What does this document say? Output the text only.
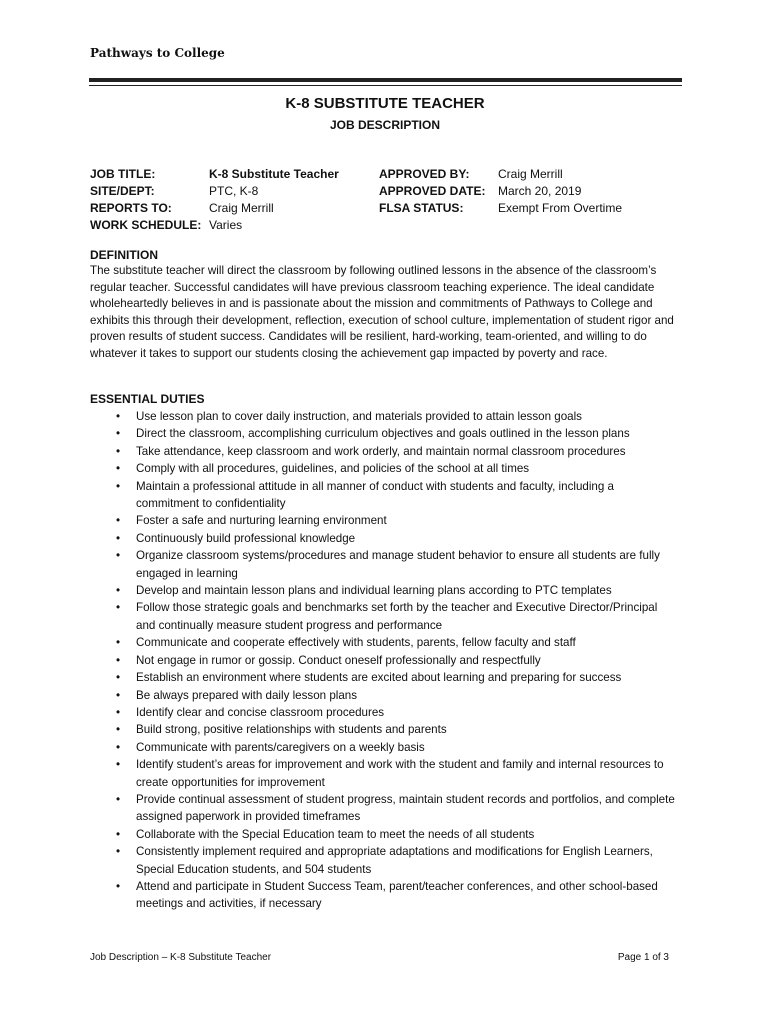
Pathways to College
K-8 SUBSTITUTE TEACHER
JOB DESCRIPTION
JOB TITLE:
SITE/DEPT:
REPORTS TO:
WORK SCHEDULE:
K-8 Substitute Teacher
PTC, K-8
Craig Merrill
Varies
APPROVED BY:
APPROVED DATE:
FLSA STATUS:
Craig Merrill
March 20, 2019
Exempt From Overtime
DEFINITION

The substitute teacher will direct the classroom by following outlined lessons in the absence of the classroom’s regular teacher. Successful candidates will have previous classroom teaching experience. The ideal candidate wholeheartedly believes in and is passionate about the mission and commitments of Pathways to College and exhibits this through their development, reflection, execution of school culture, implementation of student rigor and proven results of student success. Candidates will be resilient, hard-working, team-oriented, and willing to do whatever it takes to support our students closing the achievement gap impacted by poverty and race.

ESSENTIAL DUTIES
• Use lesson plan to cover daily instruction, and materials provided to attain lesson goals
• Direct the classroom, accomplishing curriculum objectives and goals outlined in the lesson plans
• Take attendance, keep classroom and work orderly, and maintain normal classroom procedures
• Comply with all procedures, guidelines, and policies of the school at all times
• Maintain a professional attitude in all manner of conduct with students and faculty, including a commitment to confidentiality
• Foster a safe and nurturing learning environment
• Continuously build professional knowledge
• Organize classroom systems/procedures and manage student behavior to ensure all students are fully engaged in learning
• Develop and maintain lesson plans and individual learning plans according to PTC templates
• Follow those strategic goals and benchmarks set forth by the teacher and Executive Director/Principal and continually measure student progress and performance
• Communicate and cooperate effectively with students, parents, fellow faculty and staff
• Not engage in rumor or gossip. Conduct oneself professionally and respectfully
• Establish an environment where students are excited about learning and preparing for success
• Be always prepared with daily lesson plans
• Identify clear and concise classroom procedures
• Build strong, positive relationships with students and parents
• Communicate with parents/caregivers on a weekly basis
• Identify student’s areas for improvement and work with the student and family and internal resources to create opportunities for improvement
• Provide continual assessment of student progress, maintain student records and portfolios, and complete assigned paperwork in provided timeframes
• Collaborate with the Special Education team to meet the needs of all students
• Consistently implement required and appropriate adaptations and modifications for English Learners, Special Education students, and 504 students
• Attend and participate in Student Success Team, parent/teacher conferences, and other school-based meetings and activities, if necessary
Job Description – K-8 Substitute Teacher	Page 1 of 3
